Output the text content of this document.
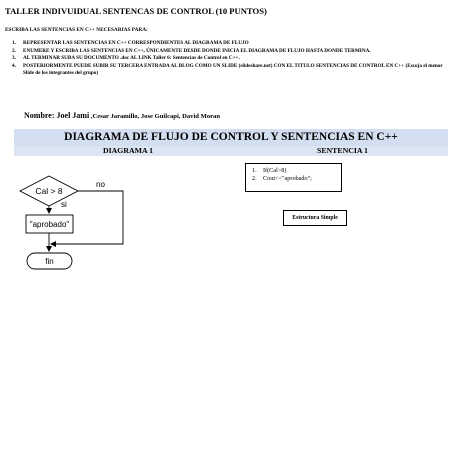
TALLER INDIVUIDUAL SENTENCAS DE CONTROL (10 PUNTOS)
ESCRIBA LAS SENTENCIAS EN C++ NECESARIAS PARA:
1. REPRESENTAR LAS SENTENCIAS EN C++ CORRESPONDIENTES AL DIAGRAMA DE FLUJO
2. ENUMERE Y ESCRIBA LAS SENTENCIAS EN C++, ÚNICAMENTE DESDE DONDE INICIA EL DIAGRAMA DE FLUJO HASTA DONDE TERMINA.
3. AL TERMINAR SUBA SU DOCUMENTO .doc AL LINK Taller 6: Sentencias de Control en C++.
4. POSTERIORMENTE PUEDE SUBIR SU TERCERA ENTRADA AL BLOG COMO UN SLIDE (slideshare.net) CON EL TITULO SENTENCIAS DE CONTROL EN C++ (Escoja el menor Slide de los integrantes del grupo)
Nombre: Joel Jami ,Cesar Jaramillo, Jose Guilcapi, David Moran
DIAGRAMA DE FLUJO DE CONTROL Y SENTENCIAS EN C++
DIAGRAMA 1	SENTENCIA 1
Cal > 8
no
si
"aprobado"
fin
1. If(Cal>8)
2. Cout<<"aprobado";
Estructura Simple
